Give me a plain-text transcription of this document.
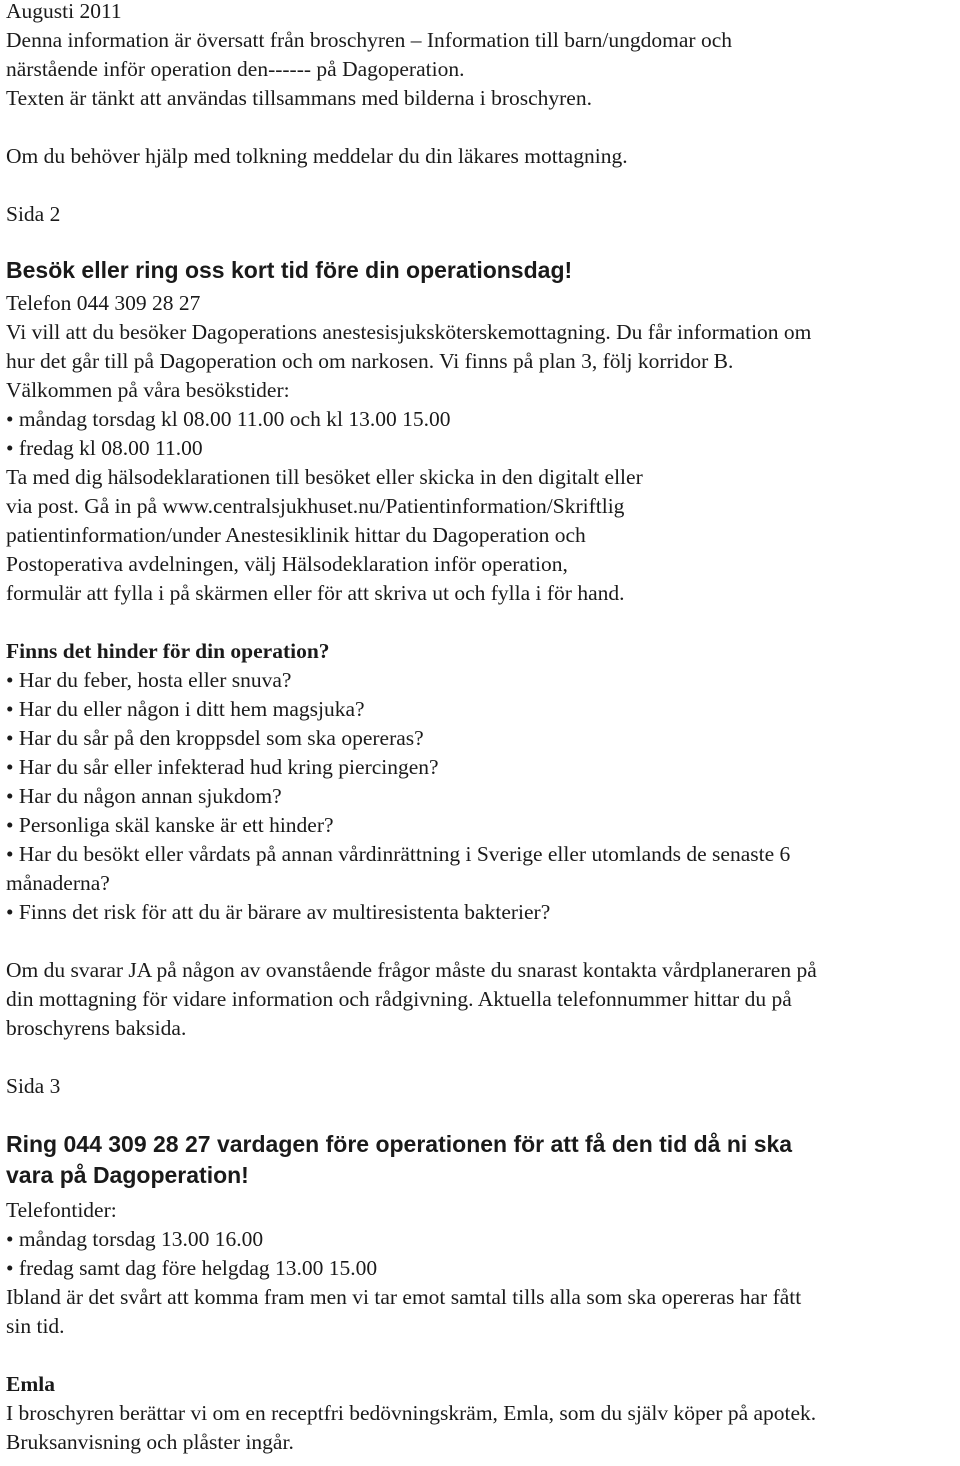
Augusti 2011

Denna information är översatt från broschyren – Information till barn/ungdomar och

närstående inför operation den------ på Dagoperation.

Texten är tänkt att användas tillsammans med bilderna i broschyren.

Om du behöver hjälp med tolkning meddelar du din läkares mottagning.

Sida 2

Besök eller ring oss kort tid före din operationsdag!

Telefon 044 309 28 27

Vi vill att du besöker Dagoperations anestesisjuksköterskemottagning. Du får information om

hur det går till på Dagoperation och om narkosen. Vi finns på plan 3, följ korridor B.

Välkommen på våra besökstider:

• måndag torsdag kl 08.00 11.00 och kl 13.00 15.00

• fredag kl 08.00 11.00

Ta med dig hälsodeklarationen till besöket eller skicka in den digitalt eller

via post. Gå in på www.centralsjukhuset.nu/Patientinformation/Skriftlig

patientinformation/under Anestesiklinik hittar du Dagoperation och

Postoperativa avdelningen, välj Hälsodeklaration inför operation,

formulär att fylla i på skärmen eller för att skriva ut och fylla i för hand.

Finns det hinder för din operation?

• Har du feber, hosta eller snuva?

• Har du eller någon i ditt hem magsjuka?

• Har du sår på den kroppsdel som ska opereras?

• Har du sår eller infekterad hud kring piercingen?

• Har du någon annan sjukdom?

• Personliga skäl kanske är ett hinder?

• Har du besökt eller vårdats på annan vårdinrättning i Sverige eller utomlands de senaste 6

månaderna?

• Finns det risk för att du är bärare av multiresistenta bakterier?

Om du svarar JA på någon av ovanstående frågor måste du snarast kontakta vårdplaneraren på

din mottagning för vidare information och rådgivning. Aktuella telefonnummer hittar du på

broschyrens baksida.

Sida 3

Ring 044 309 28 27 vardagen före operationen för att få den tid då ni ska

vara på Dagoperation!

Telefontider:

• måndag torsdag 13.00 16.00

• fredag samt dag före helgdag 13.00 15.00

Ibland är det svårt att komma fram men vi tar emot samtal tills alla som ska opereras har fått

sin tid.

Emla

I broschyren berättar vi om en receptfri bedövningskräm, Emla, som du själv köper på apotek.

Bruksanvisning och plåster ingår.
